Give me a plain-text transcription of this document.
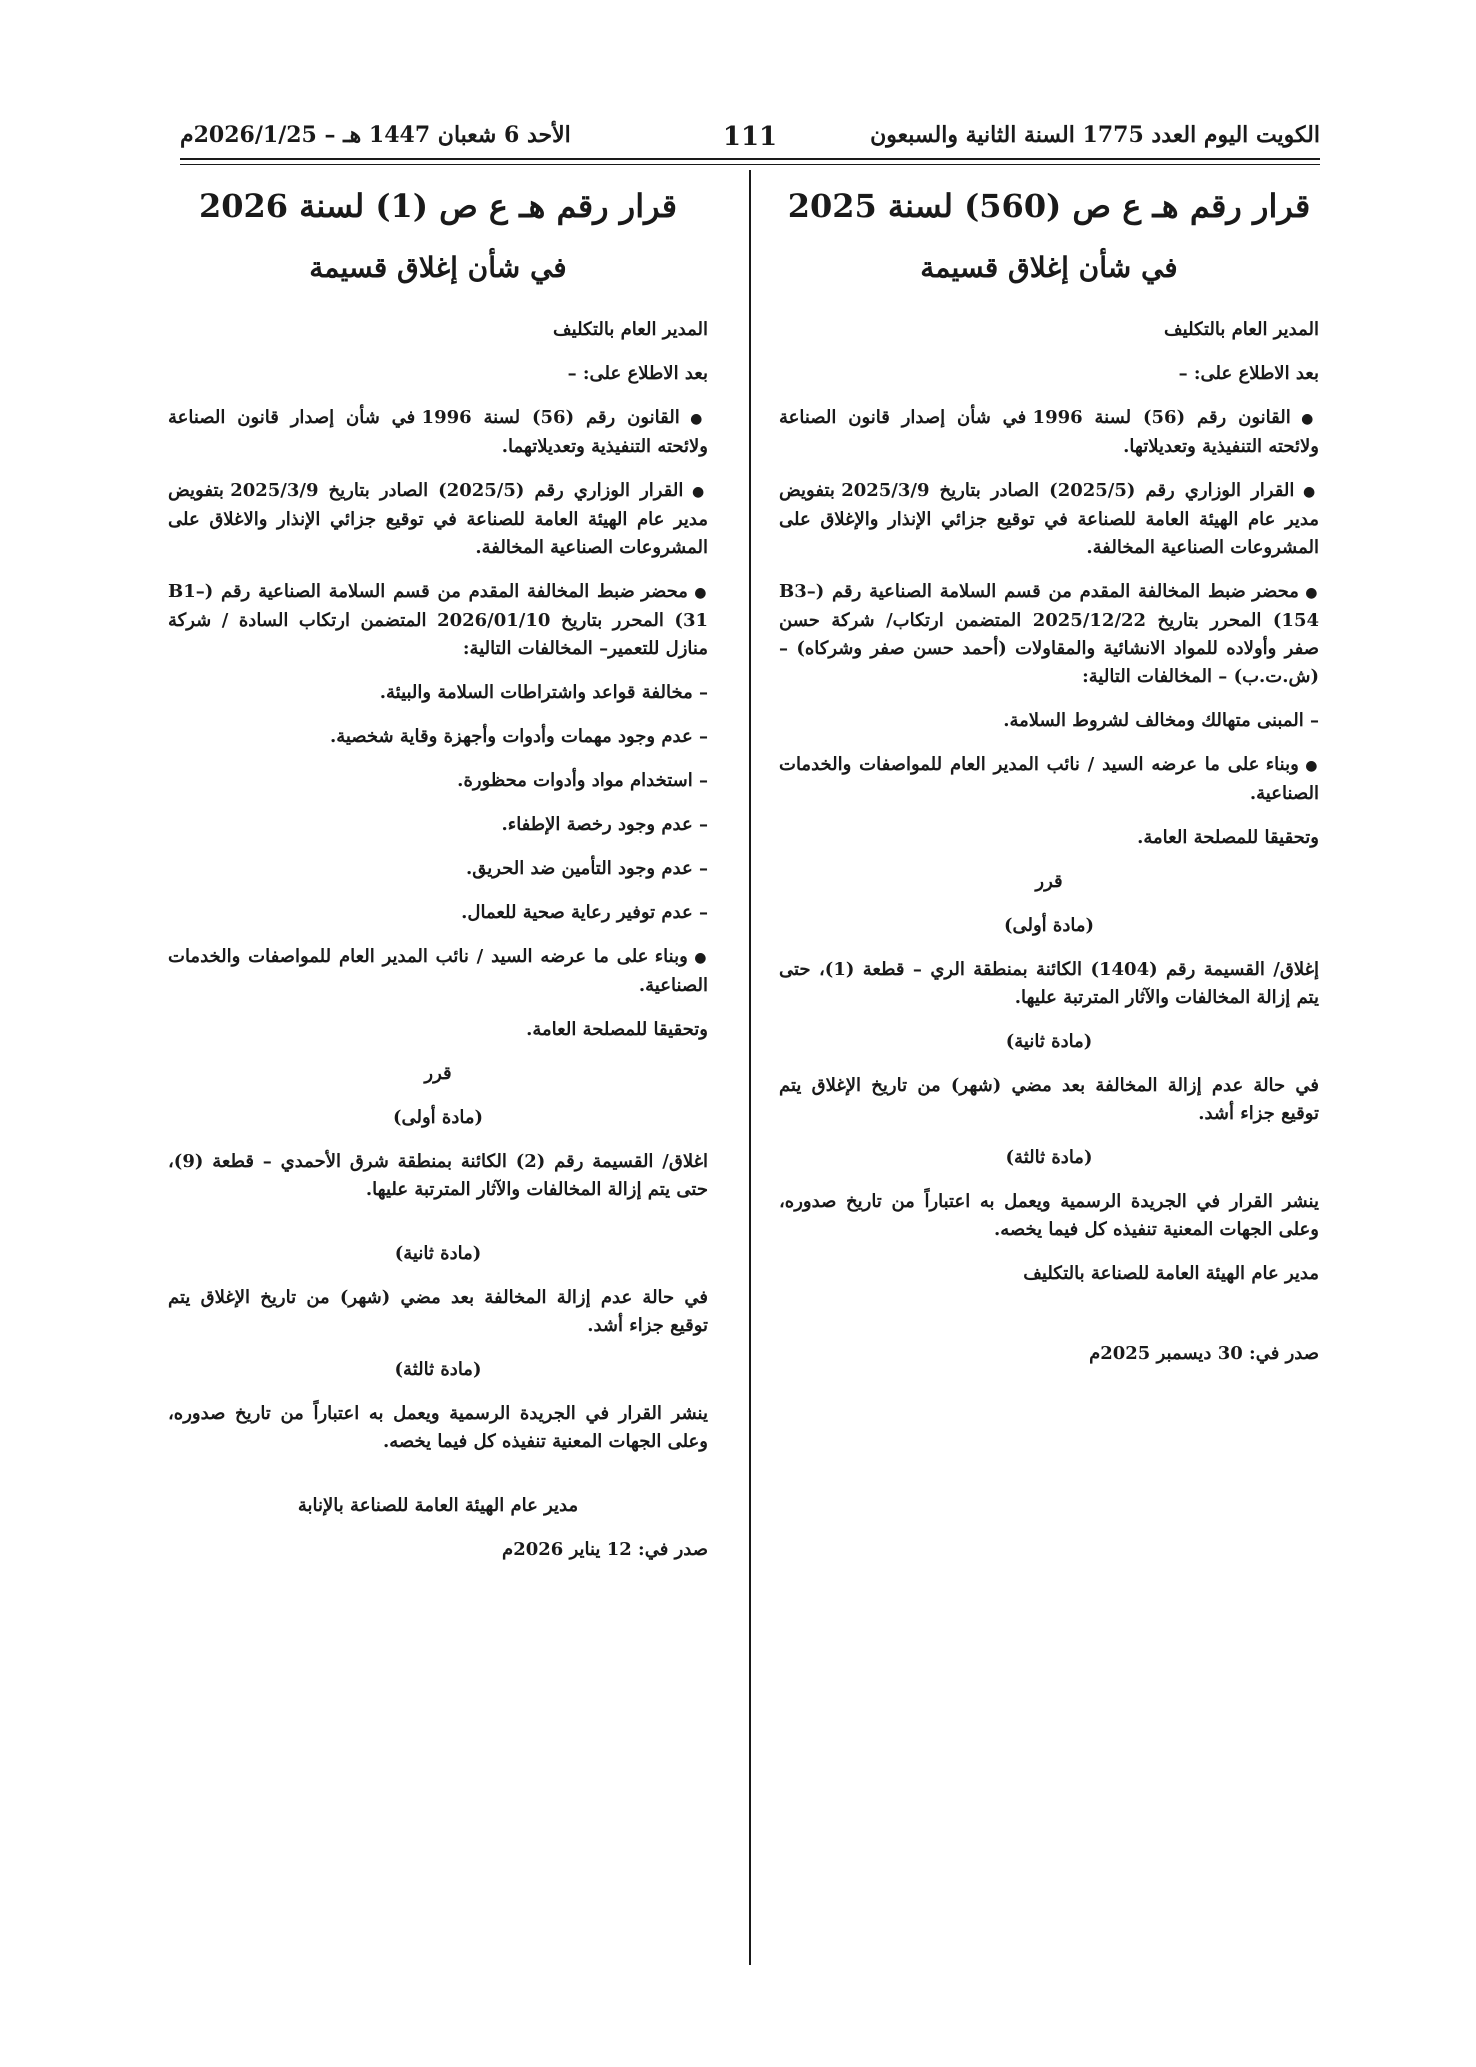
الكويت اليوم العدد 1775 السنة الثانية والسبعون
111
الأحد 6 شعبان 1447 هـ – 2026/1/25م
قرار رقم هـ ع ص (560) لسنة 2025
في شأن إغلاق قسيمة
المدير العام بالتكليف
بعد الاطلاع على: –
● القانون رقم (56) لسنة 1996 في شأن إصدار قانون الصناعة ولائحته التنفيذية وتعديلاتها.
● القرار الوزاري رقم (2025/5) الصادر بتاريخ 2025/3/9 بتفويض مدير عام الهيئة العامة للصناعة في توقيع جزائي الإنذار والإغلاق على المشروعات الصناعية المخالفة.
● محضر ضبط المخالفة المقدم من قسم السلامة الصناعية رقم (B3–154) المحرر بتاريخ 2025/12/22 المتضمن ارتكاب/ شركة حسن صفر وأولاده للمواد الانشائية والمقاولات (أحمد حسن صفر وشركاه) – (ش.ت.ب) – المخالفات التالية:
– المبنى متهالك ومخالف لشروط السلامة.
● وبناء على ما عرضه السيد / نائب المدير العام للمواصفات والخدمات الصناعية.
وتحقيقا للمصلحة العامة.
قرر
(مادة أولى)
إغلاق/ القسيمة رقم (1404) الكائنة بمنطقة الري – قطعة (1)، حتى يتم إزالة المخالفات والآثار المترتبة عليها.
(مادة ثانية)
في حالة عدم إزالة المخالفة بعد مضي (شهر) من تاريخ الإغلاق يتم توقيع جزاء أشد.
(مادة ثالثة)
ينشر القرار في الجريدة الرسمية ويعمل به اعتباراً من تاريخ صدوره، وعلى الجهات المعنية تنفيذه كل فيما يخصه.
مدير عام الهيئة العامة للصناعة بالتكليف
صدر في: 30 ديسمبر 2025م
قرار رقم هـ ع ص (1) لسنة 2026
في شأن إغلاق قسيمة
المدير العام بالتكليف
بعد الاطلاع على: –
● القانون رقم (56) لسنة 1996 في شأن إصدار قانون الصناعة ولائحته التنفيذية وتعديلاتهما.
● القرار الوزاري رقم (2025/5) الصادر بتاريخ 2025/3/9 بتفويض مدير عام الهيئة العامة للصناعة في توقيع جزائي الإنذار والاغلاق على المشروعات الصناعية المخالفة.
● محضر ضبط المخالفة المقدم من قسم السلامة الصناعية رقم (B1–31) المحرر بتاريخ 2026/01/10 المتضمن ارتكاب السادة / شركة منازل للتعمير– المخالفات التالية:
– مخالفة قواعد واشتراطات السلامة والبيئة.
– عدم وجود مهمات وأدوات وأجهزة وقاية شخصية.
– استخدام مواد وأدوات محظورة.
– عدم وجود رخصة الإطفاء.
– عدم وجود التأمين ضد الحريق.
– عدم توفير رعاية صحية للعمال.
● وبناء على ما عرضه السيد / نائب المدير العام للمواصفات والخدمات الصناعية.
وتحقيقا للمصلحة العامة.
قرر
(مادة أولى)
اغلاق/ القسيمة رقم (2) الكائنة بمنطقة شرق الأحمدي – قطعة (9)، حتى يتم إزالة المخالفات والآثار المترتبة عليها.
(مادة ثانية)
في حالة عدم إزالة المخالفة بعد مضي (شهر) من تاريخ الإغلاق يتم توقيع جزاء أشد.
(مادة ثالثة)
ينشر القرار في الجريدة الرسمية ويعمل به اعتباراً من تاريخ صدوره، وعلى الجهات المعنية تنفيذه كل فيما يخصه.
مدير عام الهيئة العامة للصناعة بالإنابة
صدر في: 12 يناير 2026م
